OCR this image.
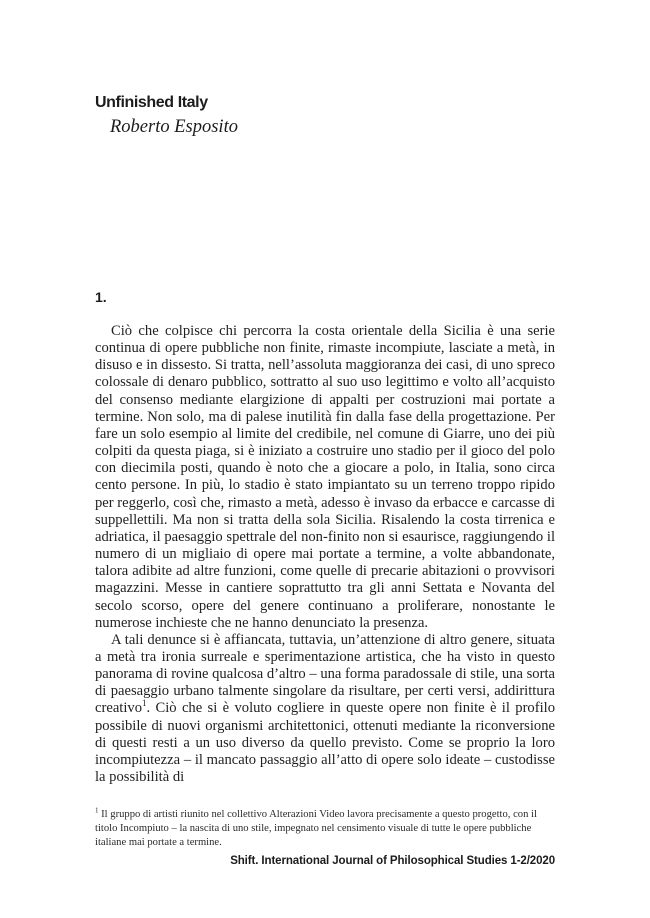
Unfinished Italy
Roberto Esposito
1.

Ciò che colpisce chi percorra la costa orientale della Sicilia è una serie continua di opere pubbliche non finite, rimaste incompiute, lasciate a metà, in disuso e in dissesto. Si tratta, nell’assoluta maggioranza dei casi, di uno spreco colossale di denaro pubblico, sottratto al suo uso legittimo e volto all’acquisto del consenso mediante elargizione di appalti per costruzioni mai portate a termine. Non solo, ma di palese inutilità fin dalla fase della progettazione. Per fare un solo esempio al limite del credibile, nel comune di Giarre, uno dei più colpiti da questa piaga, si è iniziato a costruire uno stadio per il gioco del polo con diecimila posti, quando è noto che a giocare a polo, in Italia, sono circa cento persone. In più, lo stadio è stato impiantato su un terreno troppo ripido per reggerlo, così che, rimasto a metà, adesso è invaso da erbacce e carcasse di suppellettili. Ma non si tratta della sola Sicilia. Risalendo la costa tirrenica e adriatica, il paesaggio spettrale del non-finito non si esaurisce, raggiungendo il numero di un migliaio di opere mai portate a termine, a volte abbandonate, talora adibite ad altre funzioni, come quelle di precarie abitazioni o provvisori magazzini. Messe in cantiere soprattutto tra gli anni Settata e Novanta del secolo scorso, opere del genere continuano a proliferare, nonostante le numerose inchieste che ne hanno denunciato la presenza.

A tali denunce si è affiancata, tuttavia, un’attenzione di altro genere, situata a metà tra ironia surreale e sperimentazione artistica, che ha visto in questo panorama di rovine qualcosa d’altro – una forma paradossale di stile, una sorta di paesaggio urbano talmente singolare da risultare, per certi versi, addirittura creativo$^1$. Ciò che si è voluto cogliere in queste opere non finite è il profilo possibile di nuovi organismi architettonici, ottenuti mediante la riconversione di questi resti a un uso diverso da quello previsto. Come se proprio la loro incompiutezza – il mancato passaggio all’atto di opere solo ideate – custodisse la possibilità di

$^1$ Il gruppo di artisti riunito nel collettivo Alterazioni Video lavora precisamente a questo progetto, con il titolo Incompiuto – la nascita di uno stile, impegnato nel censimento visuale di tutte le opere pubbliche italiane mai portate a termine.
Shift. International Journal of Philosophical Studies 1-2/2020
